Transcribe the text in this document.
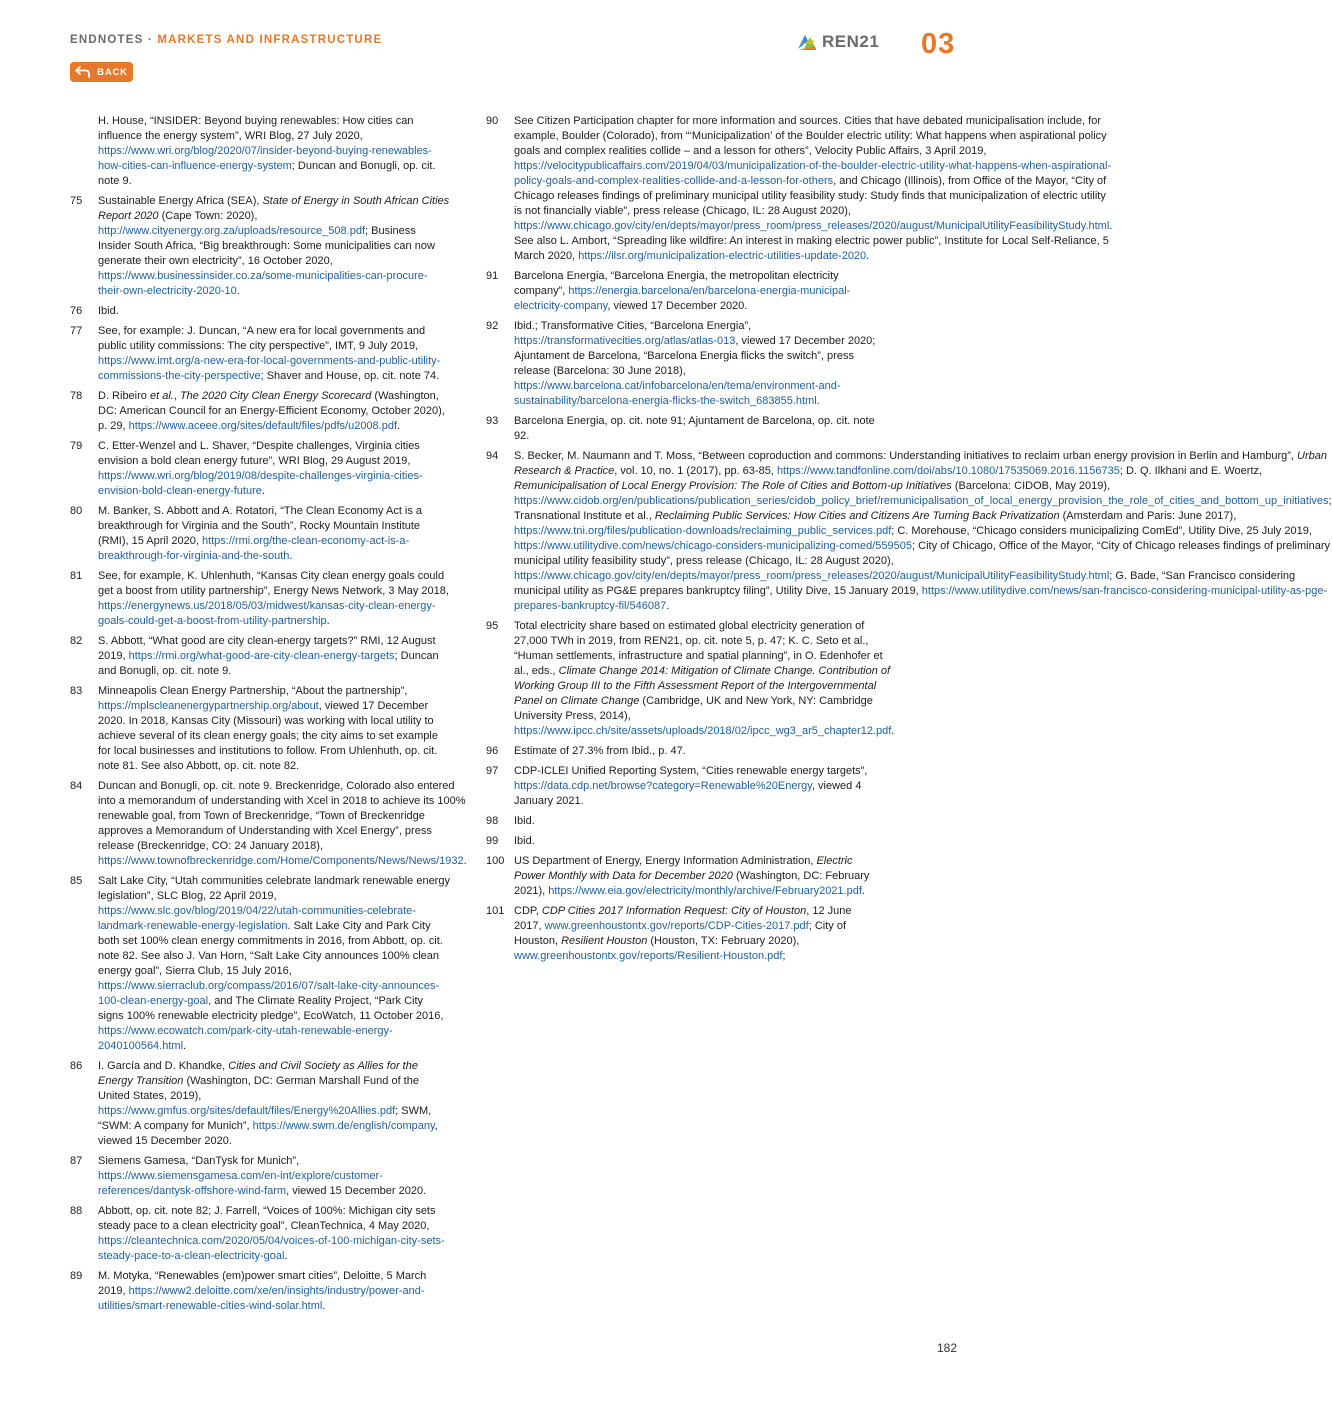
ENDNOTES · MARKETS AND INFRASTRUCTURE
BACK
REN21 03
H. House, “INSIDER: Beyond buying renewables: How cities can influence the energy system”, WRI Blog, 27 July 2020, https://www.wri.org/blog/2020/07/insider-beyond-buying-renewables-how-cities-can-influence-energy-system; Duncan and Bonugli, op. cit. note 9.
75	Sustainable Energy Africa (SEA), State of Energy in South African Cities Report 2020 (Cape Town: 2020), http://www.cityenergy.org.za/uploads/resource_508.pdf; Business Insider South Africa, “Big breakthrough: Some municipalities can now generate their own electricity”, 16 October 2020, https://www.businessinsider.co.za/some-municipalities-can-procure-their-own-electricity-2020-10.
76	Ibid.
77	See, for example: J. Duncan, “A new era for local governments and public utility commissions: The city perspective”, IMT, 9 July 2019, https://www.imt.org/a-new-era-for-local-governments-and-public-utility-commissions-the-city-perspective; Shaver and House, op. cit. note 74.
78	D. Ribeiro et al., The 2020 City Clean Energy Scorecard (Washington, DC: American Council for an Energy-Efficient Economy, October 2020), p. 29, https://www.aceee.org/sites/default/files/pdfs/u2008.pdf.
79	C. Etter-Wenzel and L. Shaver, “Despite challenges, Virginia cities envision a bold clean energy future”, WRI Blog, 29 August 2019, https://www.wri.org/blog/2019/08/despite-challenges-virginia-cities-envision-bold-clean-energy-future.
80	M. Banker, S. Abbott and A. Rotatori, “The Clean Economy Act is a breakthrough for Virginia and the South”, Rocky Mountain Institute (RMI), 15 April 2020, https://rmi.org/the-clean-economy-act-is-a-breakthrough-for-virginia-and-the-south.
81	See, for example, K. Uhlenhuth, “Kansas City clean energy goals could get a boost from utility partnership”, Energy News Network, 3 May 2018, https://energynews.us/2018/05/03/midwest/kansas-city-clean-energy-goals-could-get-a-boost-from-utility-partnership.
82	S. Abbott, “What good are city clean-energy targets?” RMI, 12 August 2019, https://rmi.org/what-good-are-city-clean-energy-targets; Duncan and Bonugli, op. cit. note 9.
83	Minneapolis Clean Energy Partnership, “About the partnership”, https://mplscleanenergypartnership.org/about, viewed 17 December 2020. In 2018, Kansas City (Missouri) was working with local utility to achieve several of its clean energy goals; the city aims to set example for local businesses and institutions to follow. From Uhlenhuth, op. cit. note 81. See also Abbott, op. cit. note 82.
84	Duncan and Bonugli, op. cit. note 9. Breckenridge, Colorado also entered into a memorandum of understanding with Xcel in 2018 to achieve its 100% renewable goal, from Town of Breckenridge, “Town of Breckenridge approves a Memorandum of Understanding with Xcel Energy”, press release (Breckenridge, CO: 24 January 2018), https://www.townofbreckenridge.com/Home/Components/News/News/1932.
85	Salt Lake City, “Utah communities celebrate landmark renewable energy legislation”, SLC Blog, 22 April 2019, https://www.slc.gov/blog/2019/04/22/utah-communities-celebrate-landmark-renewable-energy-legislation. Salt Lake City and Park City both set 100% clean energy commitments in 2016, from Abbott, op. cit. note 82. See also J. Van Horn, “Salt Lake City announces 100% clean energy goal”, Sierra Club, 15 July 2016, https://www.sierraclub.org/compass/2016/07/salt-lake-city-announces-100-clean-energy-goal, and The Climate Reality Project, “Park City signs 100% renewable electricity pledge”, EcoWatch, 11 October 2016, https://www.ecowatch.com/park-city-utah-renewable-energy-2040100564.html.
86	I. García and D. Khandke, Cities and Civil Society as Allies for the Energy Transition (Washington, DC: German Marshall Fund of the United States, 2019), https://www.gmfus.org/sites/default/files/Energy%20Allies.pdf; SWM, “SWM: A company for Munich”, https://www.swm.de/english/company, viewed 15 December 2020.
87	Siemens Gamesa, “DanTysk for Munich”, https://www.siemensgamesa.com/en-int/explore/customer-references/dantysk-offshore-wind-farm, viewed 15 December 2020.
88	Abbott, op. cit. note 82; J. Farrell, “Voices of 100%: Michigan city sets steady pace to a clean electricity goal”, CleanTechnica, 4 May 2020, https://cleantechnica.com/2020/05/04/voices-of-100-michigan-city-sets-steady-pace-to-a-clean-electricity-goal.
89	M. Motyka, “Renewables (em)power smart cities”, Deloitte, 5 March 2019, https://www2.deloitte.com/xe/en/insights/industry/power-and-utilities/smart-renewable-cities-wind-solar.html.
90	See Citizen Participation chapter for more information and sources. Cities that have debated municipalisation include, for example, Boulder (Colorado), from “‘Municipalization’ of the Boulder electric utility: What happens when aspirational policy goals and complex realities collide – and a lesson for others”, Velocity Public Affairs, 3 April 2019, https://velocitypublicaffairs.com/2019/04/03/municipalization-of-the-boulder-electric-utility-what-happens-when-aspirational-policy-goals-and-complex-realities-collide-and-a-lesson-for-others, and Chicago (Illinois), from Office of the Mayor, “City of Chicago releases findings of preliminary municipal utility feasibility study: Study finds that municipalization of electric utility is not financially viable”, press release (Chicago, IL: 28 August 2020), https://www.chicago.gov/city/en/depts/mayor/press_room/press_releases/2020/august/MunicipalUtilityFeasibilityStudy.html. See also L. Ambort, “Spreading like wildfire: An interest in making electric power public”, Institute for Local Self-Reliance, 5 March 2020, https://ilsr.org/municipalization-electric-utilities-update-2020.
91	Barcelona Energia, “Barcelona Energia, the metropolitan electricity company”, https://energia.barcelona/en/barcelona-energia-municipal-electricity-company, viewed 17 December 2020.
92	Ibid.; Transformative Cities, “Barcelona Energia”, https://transformativecities.org/atlas/atlas-013, viewed 17 December 2020; Ajuntament de Barcelona, “Barcelona Energia flicks the switch”, press release (Barcelona: 30 June 2018), https://www.barcelona.cat/infobarcelona/en/tema/environment-and-sustainability/barcelona-energia-flicks-the-switch_683855.html.
93	Barcelona Energia, op. cit. note 91; Ajuntament de Barcelona, op. cit. note 92.
94	S. Becker, M. Naumann and T. Moss, “Between coproduction and commons: Understanding initiatives to reclaim urban energy provision in Berlin and Hamburg”, Urban Research & Practice, vol. 10, no. 1 (2017), pp. 63-85, https://www.tandfonline.com/doi/abs/10.1080/17535069.2016.1156735; D. Q. Ilkhani and E. Woertz, Remunicipalisation of Local Energy Provision: The Role of Cities and Bottom-up Initiatives (Barcelona: CIDOB, May 2019), https://www.cidob.org/en/publications/publication_series/cidob_policy_brief/remunicipalisation_of_local_energy_provision_the_role_of_cities_and_bottom_up_initiatives; Transnational Institute et al., Reclaiming Public Services: How Cities and Citizens Are Turning Back Privatization (Amsterdam and Paris: June 2017), https://www.tni.org/files/publication-downloads/reclaiming_public_services.pdf; C. Morehouse, “Chicago considers municipalizing ComEd”, Utility Dive, 25 July 2019, https://www.utilitydive.com/news/chicago-considers-municipalizing-comed/559505; City of Chicago, Office of the Mayor, “City of Chicago releases findings of preliminary municipal utility feasibility study”, press release (Chicago, IL: 28 August 2020), https://www.chicago.gov/city/en/depts/mayor/press_room/press_releases/2020/august/MunicipalUtilityFeasibilityStudy.html; G. Bade, “San Francisco considering municipal utility as PG&E prepares bankruptcy filing”, Utility Dive, 15 January 2019, https://www.utilitydive.com/news/san-francisco-considering-municipal-utility-as-pge-prepares-bankruptcy-fil/546087.
95	Total electricity share based on estimated global electricity generation of 27,000 TWh in 2019, from REN21, op. cit. note 5, p. 47; K. C. Seto et al., “Human settlements, infrastructure and spatial planning”, in O. Edenhofer et al., eds., Climate Change 2014: Mitigation of Climate Change. Contribution of Working Group III to the Fifth Assessment Report of the Intergovernmental Panel on Climate Change (Cambridge, UK and New York, NY: Cambridge University Press, 2014), https://www.ipcc.ch/site/assets/uploads/2018/02/ipcc_wg3_ar5_chapter12.pdf.
96	Estimate of 27.3% from Ibid., p. 47.
97	CDP-ICLEI Unified Reporting System, “Cities renewable energy targets”, https://data.cdp.net/browse?category=Renewable%20Energy, viewed 4 January 2021.
98	Ibid.
99	Ibid.
100 US Department of Energy, Energy Information Administration, Electric Power Monthly with Data for December 2020 (Washington, DC: February 2021), https://www.eia.gov/electricity/monthly/archive/February2021.pdf.
101 CDP, CDP Cities 2017 Information Request: City of Houston, 12 June 2017, www.greenhoustontx.gov/reports/CDP-Cities-2017.pdf; City of Houston, Resilient Houston (Houston, TX: February 2020), www.greenhoustontx.gov/reports/Resilient-Houston.pdf;
182
